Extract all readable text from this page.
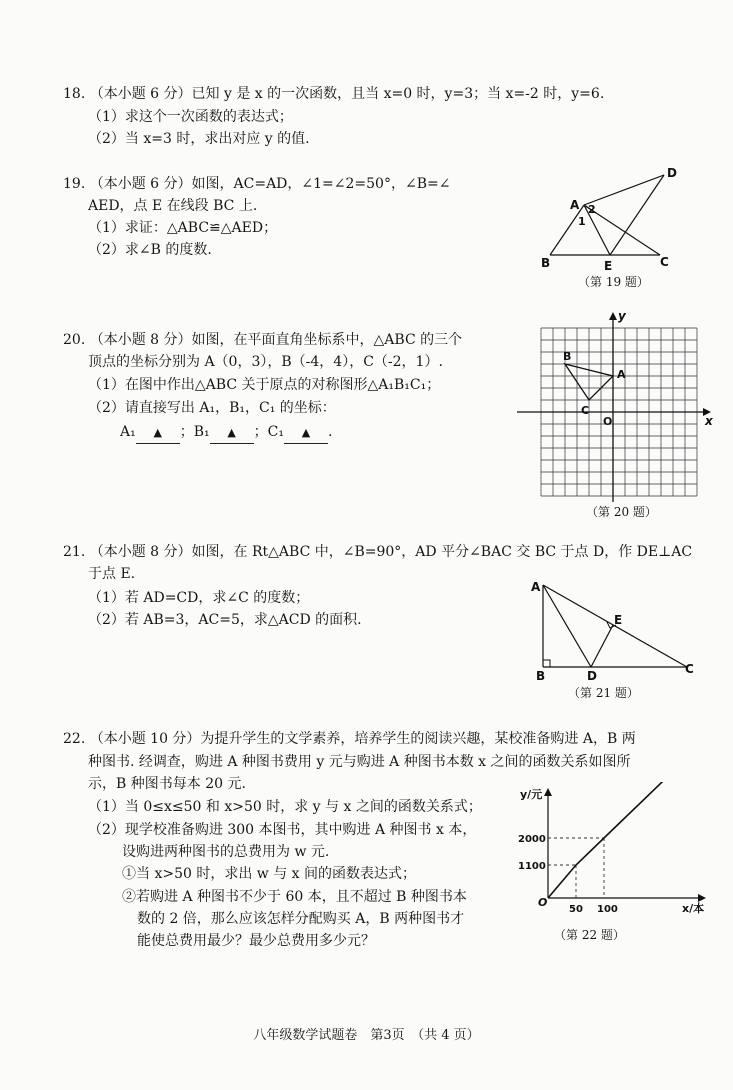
18. （本小题 6 分）已知 y 是 x 的一次函数，且当 x=0 时，y=3；当 x=-2 时，y=6.
（1）求这个一次函数的表达式；
（2）当 x=3 时，求出对应 y 的值.
19. （本小题 6 分）如图，AC=AD，∠1=∠2=50°，∠B=∠
AED，点 E 在线段 BC 上.
（1）求证：△ABC≌△AED；
（2）求∠B 的度数.
A 2
1
B	E	C
D
（第 19 题）
20. （本小题 8 分）如图，在平面直角坐标系中，△ABC 的三个
顶点的坐标分别为 A（0，3），B（-4，4），C（-2，1）.
（1）在图中作出△ABC 关于原点的对称图形△A₁B₁C₁；
（2）请直接写出 A₁，B₁，C₁ 的坐标：
A₁ ▲ ；B₁ ▲ ；C₁ ▲ .
x
y
O
A
B
C
（第 20 题）
21. （本小题 8 分）如图，在 Rt△ABC 中，∠B=90°，AD 平分∠BAC 交 BC 于点 D，作 DE⊥AC
于点 E.
（1）若 AD=CD，求∠C 的度数；
（2）若 AB=3，AC=5，求△ACD 的面积.
A
B	D
E
C
（第 21 题）
22. （本小题 10 分）为提升学生的文学素养，培养学生的阅读兴趣，某校准备购进 A，B 两
种图书. 经调查，购进 A 种图书费用 y 元与购进 A 种图书本数 x 之间的函数关系如图所
示，B 种图书每本 20 元.
（1）当 0≤x≤50 和 x>50 时，求 y 与 x 之间的函数关系式；
（2）现学校准备购进 300 本图书，其中购进 A 种图书 x 本，
设购进两种图书的总费用为 w 元.
①当 x>50 时，求出 w 与 x 间的函数表达式；
②若购进 A 种图书不少于 60 本，且不超过 B 种图书本
数的 2 倍，那么应该怎样分配购买 A，B 两种图书才
能使总费用最少？最少总费用多少元？
50
1100
100
2000
y/元
x/本
O
（第 22 题）
八年级数学试题卷　第3页　（共 4 页）
